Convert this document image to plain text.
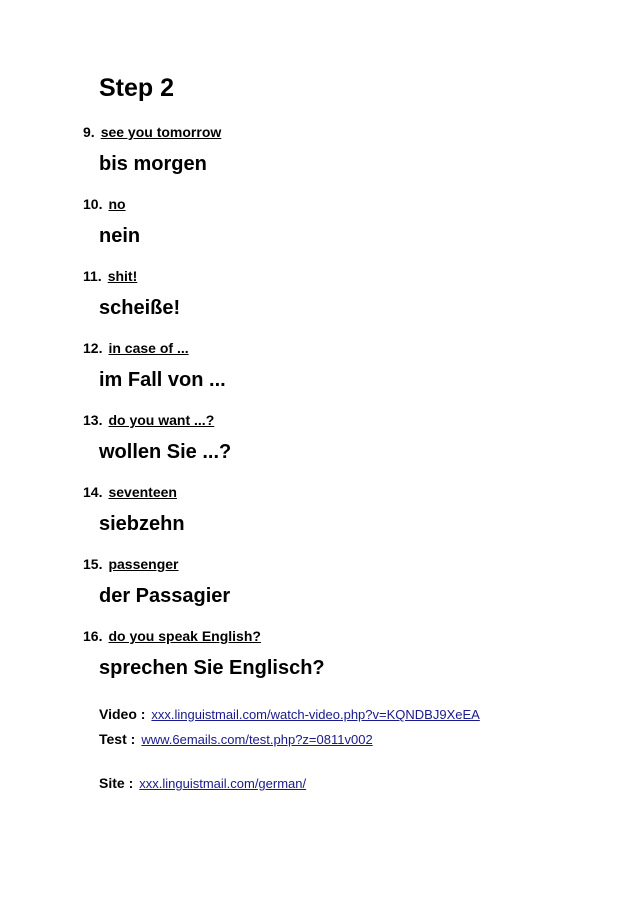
Step 2
9. see you tomorrow
bis morgen
10. no
nein
11. shit!
scheiße!
12. in case of ...
im Fall von ...
13. do you want ...?
wollen Sie ...?
14. seventeen
siebzehn
15. passenger
der Passagier
16. do you speak English?
sprechen Sie Englisch?
Video : xxx.linguistmail.com/watch-video.php?v=KQNDBJ9XeEA
Test : www.6emails.com/test.php?z=0811v002
Site : xxx.linguistmail.com/german/
